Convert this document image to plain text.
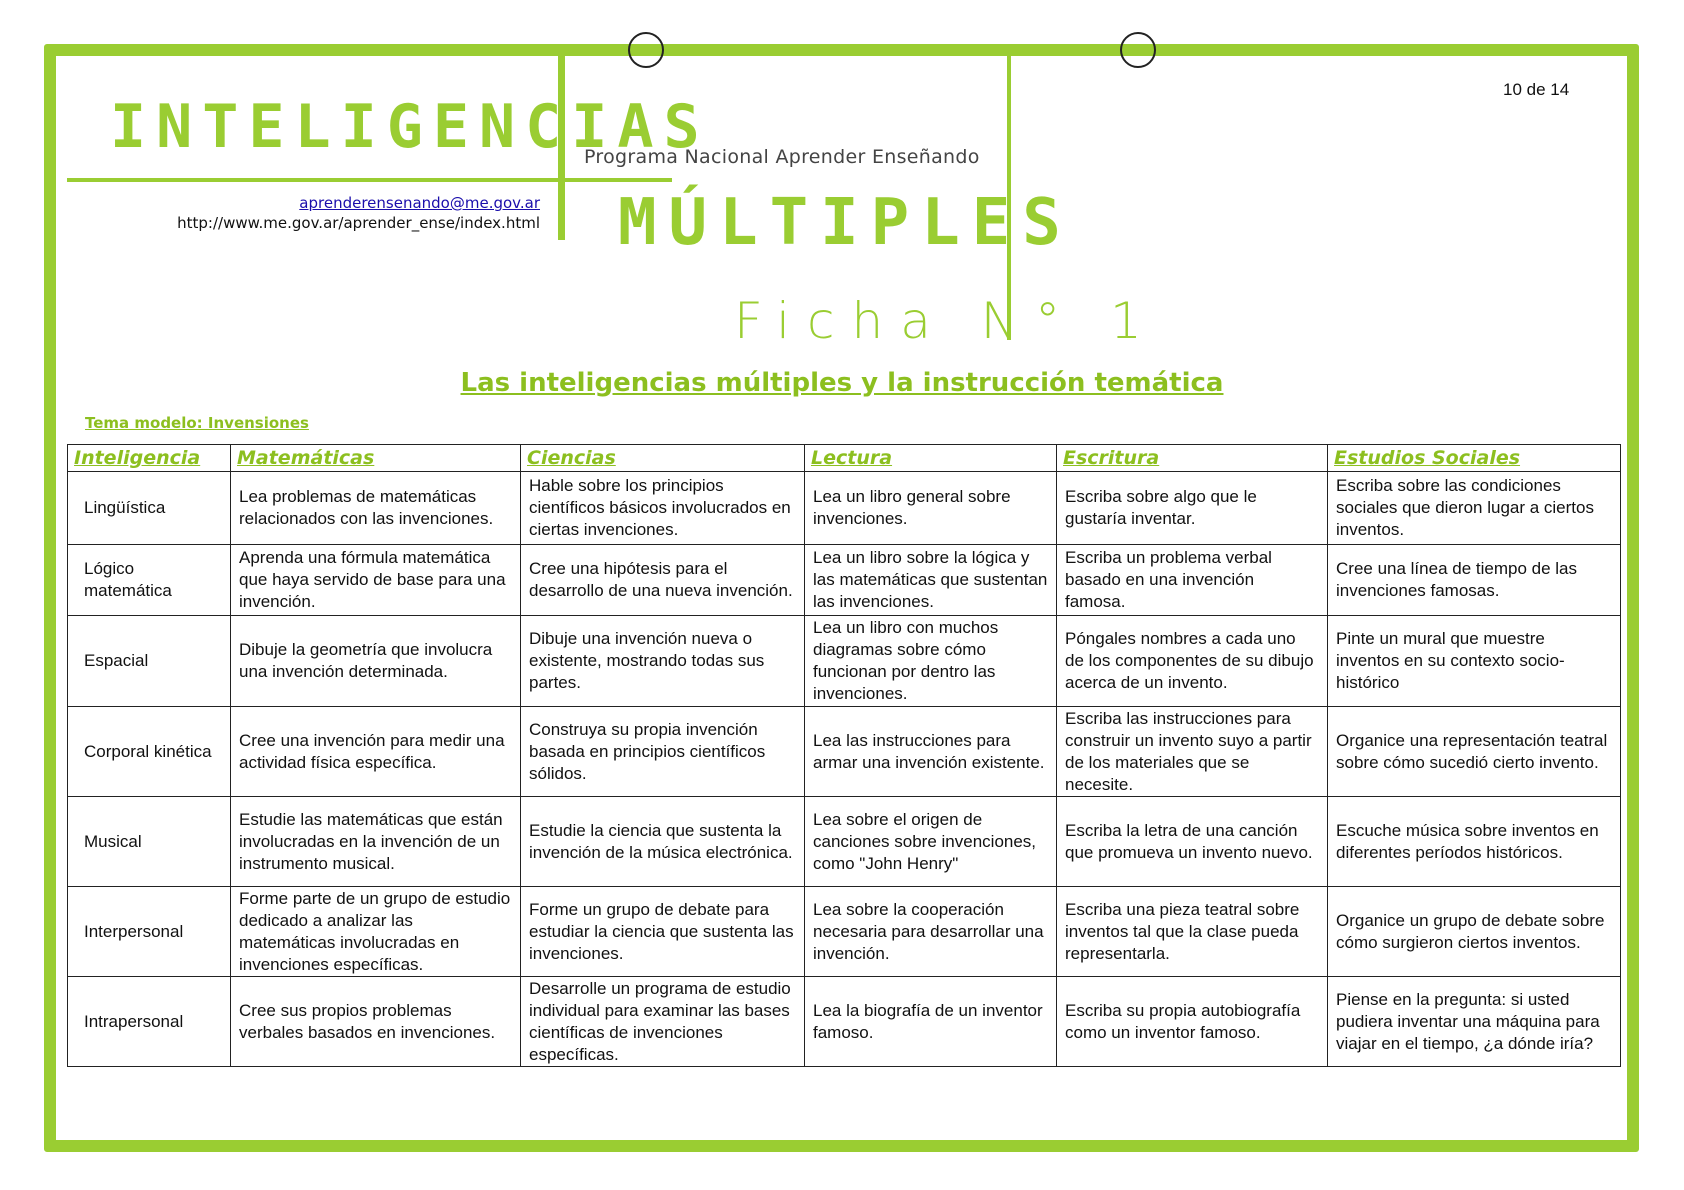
INTELIGENCIAS
MÚLTIPLES
Programa Nacional Aprender Enseñando
aprenderensenando@me.gov.ar
http://www.me.gov.ar/aprender_ense/index.html
10 de 14
Ficha N° 1
Las inteligencias múltiples y la instrucción temática
Tema modelo: Invensiones
Inteligencia	Matemáticas	Ciencias	Lectura	Escritura	Estudios Sociales
Lingüística	Lea problemas de matemáticas relacionados con las invenciones.	Hable sobre los principios científicos básicos involucrados en ciertas invenciones.	Lea un libro general sobre invenciones.	Escriba sobre algo que le gustaría inventar.	Escriba sobre las condiciones sociales que dieron lugar a ciertos inventos.
Lógico matemática	Aprenda una fórmula matemática que haya servido de base para una invención.	Cree una hipótesis para el desarrollo de una nueva invención.	Lea un libro sobre la lógica y las matemáticas que sustentan las invenciones.	Escriba un problema verbal basado en una invención famosa.	Cree una línea de tiempo de las invenciones famosas.
Espacial	Dibuje la geometría que involucra una invención determinada.	Dibuje una invención nueva o existente, mostrando todas sus partes.	Lea un libro con muchos diagramas sobre cómo funcionan por dentro las invenciones.	Póngales nombres a cada uno de los componentes de su dibujo acerca de un invento.	Pinte un mural que muestre inventos en su contexto socio-histórico
Corporal kinética	Cree una invención para medir una actividad física específica.	Construya su propia invención basada en principios científicos sólidos.	Lea las instrucciones para armar una invención existente.	Escriba las instrucciones para construir un invento suyo a partir de los materiales que se necesite.	Organice una representación teatral sobre cómo sucedió cierto invento.
Musical	Estudie las matemáticas que están involucradas en la invención de un instrumento musical.	Estudie la ciencia que sustenta la invención de la música electrónica.	Lea sobre el origen de canciones sobre invenciones, como "John Henry"	Escriba la letra de una canción que promueva un invento nuevo.	Escuche música sobre inventos en diferentes períodos históricos.
Interpersonal	Forme parte de un grupo de estudio dedicado a analizar las matemáticas involucradas en invenciones específicas.	Forme un grupo de debate para estudiar la ciencia que sustenta las invenciones.	Lea sobre la cooperación necesaria para desarrollar una invención.	Escriba una pieza teatral sobre inventos tal que la clase pueda representarla.	Organice un grupo de debate sobre cómo surgieron ciertos inventos.
Intrapersonal	Cree sus propios problemas verbales basados en invenciones.	Desarrolle un programa de estudio individual para examinar las bases científicas de invenciones específicas.	Lea la biografía de un inventor famoso.	Escriba su propia autobiografía como un inventor famoso.	Piense en la pregunta: si usted pudiera inventar una máquina para viajar en el tiempo, ¿a dónde iría?
